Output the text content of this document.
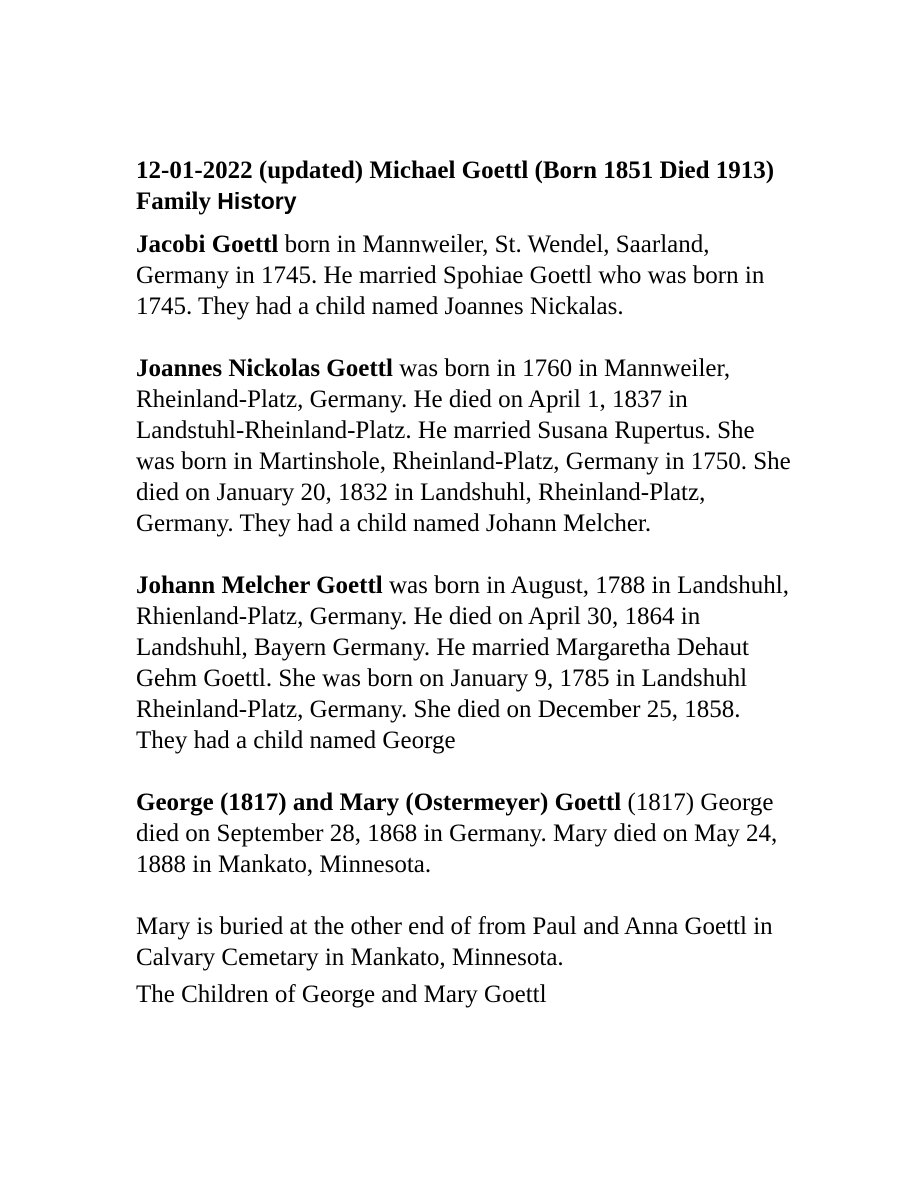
12-01-2022 (updated) Michael Goettl (Born 1851 Died 1913) Family History

Jacobi Goettl born in Mannweiler, St. Wendel, Saarland, Germany in 1745. He married Spohiae Goettl who was born in 1745. They had a child named Joannes Nickalas.

Joannes Nickolas Goettl was born in 1760 in Mannweiler, Rheinland-Platz, Germany. He died on April 1, 1837 in Landstuhl-Rheinland-Platz. He married Susana Rupertus. She was born in Martinshole, Rheinland-Platz, Germany in 1750. She died on January 20, 1832 in Landshuhl, Rheinland-Platz, Germany. They had a child named Johann Melcher.

Johann Melcher Goettl was born in August, 1788 in Landshuhl, Rhienland-Platz, Germany. He died on April 30, 1864 in Landshuhl, Bayern Germany. He married Margaretha Dehaut Gehm Goettl. She was born on January 9, 1785 in Landshuhl Rheinland-Platz, Germany. She died on December 25, 1858. They had a child named George

George (1817) and Mary (Ostermeyer) Goettl (1817) George died on September 28, 1868 in Germany. Mary died on May 24, 1888 in Mankato, Minnesota.

Mary is buried at the other end of from Paul and Anna Goettl in Calvary Cemetary in Mankato, Minnesota.

The Children of George and Mary Goettl
